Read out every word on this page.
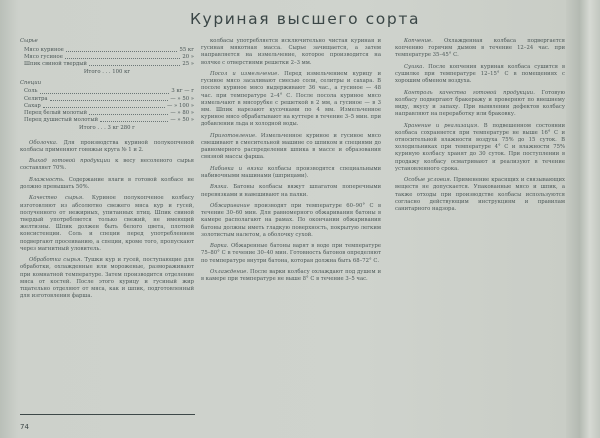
Куриная высшего сорта
Сырье
Мясо куриное	55 кг
Мясо гусиное	20 »
Шпик свиной твердый	25 »
Итого . . . 100 кг
Специи
Соль	3 кг — г
Селитра	— » 50 »
Сахар	— » 100 »
Перец белый молотый	— » 80 »
Перец душистый молотый	— » 50 »
Итого . . . 3 кг 280 г

Оболочка. Для производства куриной полукопченой колбасы применяют говяжьи круга № 1 и 2.

Выход готовой продукции к весу несоленого сырья составляет 70%.

Влажность. Содержание влаги в готовой колбасе не должно превышать 50%.

Качество сырья. Куриное полукопченое колбасу изготовляют из абсолютно свежего мяса кур и гусей, полученного от нежирных, упитанных птиц. Шпик свиной твердый употребляется только свежий, не имеющий желтизны. Шпик должен быть белого цвета, плотной консистенции. Соль и специи перед употреблением подвергают просеиванию, а специи, кроме того, пропускают через магнитный уловитель.

Обработка сырья. Тушки кур и гусей, поступающие для обработки, охлажденные или мороженые, размораживают при комнатной температуре. Затем производится отделение мяса от костей. После этого курицу и гусиный жир тщательно отделяют от мяса, как и шпик, подготовленный для изготовления фарша.

колбасы употребляется исключительно чистая куриная и гусиная мякотная масса. Сырье зачищается, а затем направляется на измельчение, которое производится на волчке с отверстиями решетки 2–3 мм.

Посол и измельчение. Перед измельчением курицу и гусиное мясо засаливают смесью соли, селитры и сахара. В посоле куриное мясо выдерживают 36 час., а гусиное — 48 час. при температуре 2–4° С. После посола куриное мясо измельчают в мясорубке с решеткой в 2 мм, а гусиное — в 3 мм. Шпик нарезают кусочками по 4 мм. Измельченное куриное мясо обрабатывают на куттере в течение 3–5 мин. при добавлении льда и холодной воды.

Приготовление. Измельченное куриное и гусиное мясо смешивают в смесительной машине со шпиком и специями до равномерного распределения шпика в массе и образования связной массы фарша.

Набивка и вязка колбасы производятся специальными набивочными машинами (шприцами).

Вязка. Батоны колбасы вяжут шпагатом поперечными перевязками и навешивают на палки.

Обжаривание производят при температуре 60–90° С в течение 30–60 мин. Для равномерного обжаривания батоны в камере располагают на рамах. По окончании обжаривания батоны должны иметь гладкую поверхность, покрытую легким золотистым налетом, а оболочку сухой.

Варка. Обжаренные батоны варят в воде при температуре 75–80° С в течение 30–40 мин. Готовность батонов определяют по температуре внутри батона, которая должна быть 68–72° С.

Охлаждение. После варки колбасу охлаждают под душем и в камере при температуре не выше 8° С в течение 3–5 час.

Копчение. Охлажденная колбаса подвергается копчению горячим дымом в течение 12–24 час. при температуре 35–45° С.

Сушка. После копчения куриная колбаса сушится в сушилке при температуре 12–15° С в помещениях с хорошим обменом воздуха.

Контроль качества готовой продукции. Готовую колбасу подвергают бракеражу и проверяют по внешнему виду, вкусу и запаху. При выявлении дефектов колбасу направляют на переработку или браковку.

Хранение и реализация. В подвешенном состоянии колбаса сохраняется при температуре не выше 16° С и относительной влажности воздуха 75% до 15 суток. В холодильниках при температуре 4° С и влажности 75% куриную колбасу хранят до 30 суток. При поступлении в продажу колбасу осматривают и реализуют в течение установленного срока.

Особые условия. Применение красящих и связывающих веществ не допускается. Упакованные мясо и шпик, а также отходы при производстве колбасы используются согласно действующим инструкциям и правилам санитарного надзора.

74
